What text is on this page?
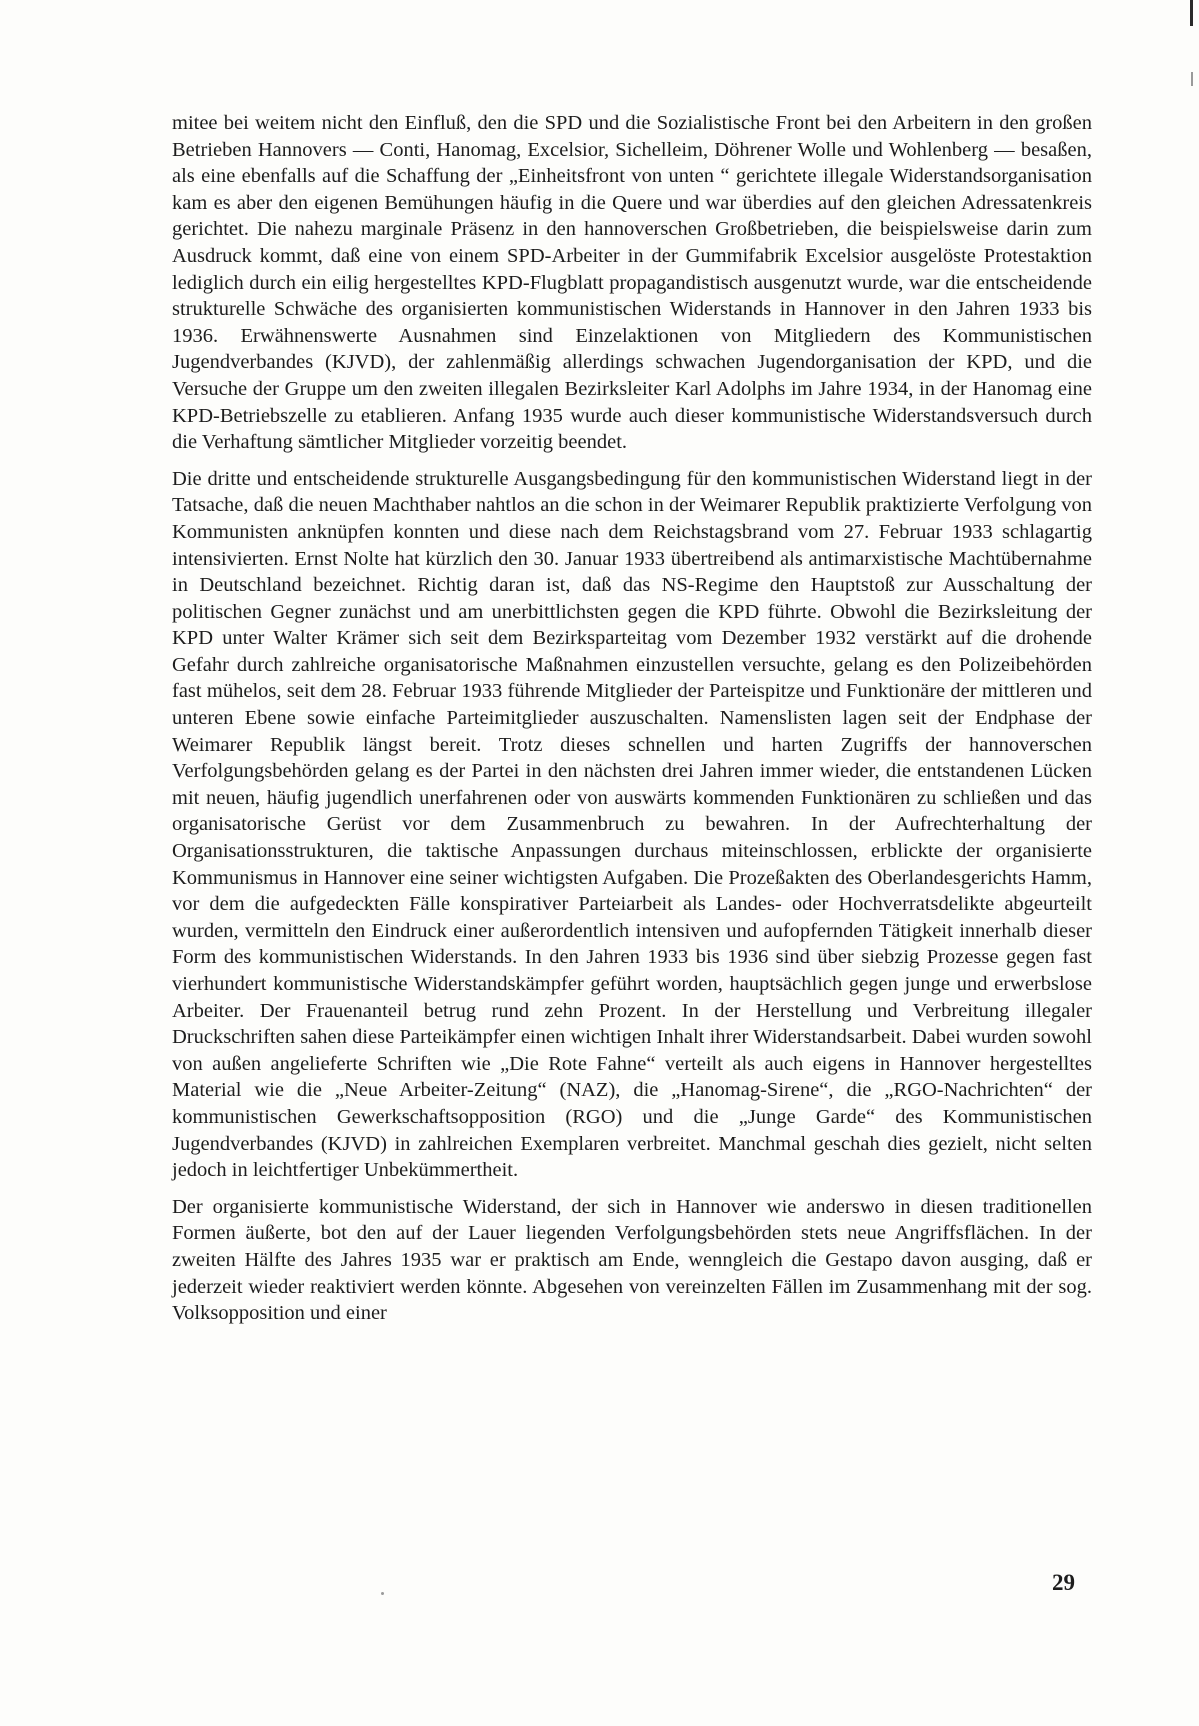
mitee bei weitem nicht den Einfluß, den die SPD und die Sozialistische Front bei den Arbeitern in den großen Betrieben Hannovers — Conti, Hanomag, Excelsior, Sichelleim, Döhrener Wolle und Wohlenberg — besaßen, als eine ebenfalls auf die Schaffung der „Einheitsfront von unten “ gerichtete illegale Widerstandsorganisation kam es aber den eigenen Bemühungen häufig in die Quere und war überdies auf den gleichen Adressatenkreis gerichtet. Die nahezu marginale Präsenz in den hannoverschen Großbetrieben, die beispielsweise darin zum Ausdruck kommt, daß eine von einem SPD-Arbeiter in der Gummifabrik Excelsior ausgelöste Protestaktion lediglich durch ein eilig hergestelltes KPD-Flugblatt propagandistisch ausgenutzt wurde, war die entscheidende strukturelle Schwäche des organisierten kommunistischen Widerstands in Hannover in den Jahren 1933 bis 1936. Erwähnenswerte Ausnahmen sind Einzelaktionen von Mitgliedern des Kommunistischen Jugendverbandes (KJVD), der zahlenmäßig allerdings schwachen Jugendorganisation der KPD, und die Versuche der Gruppe um den zweiten illegalen Bezirksleiter Karl Adolphs im Jahre 1934, in der Hanomag eine KPD-Betriebszelle zu etablieren. Anfang 1935 wurde auch dieser kommunistische Widerstandsversuch durch die Verhaftung sämtlicher Mitglieder vorzeitig beendet.

Die dritte und entscheidende strukturelle Ausgangsbedingung für den kommunistischen Widerstand liegt in der Tatsache, daß die neuen Machthaber nahtlos an die schon in der Weimarer Republik praktizierte Verfolgung von Kommunisten anknüpfen konnten und diese nach dem Reichstagsbrand vom 27. Februar 1933 schlagartig intensivierten. Ernst Nolte hat kürzlich den 30. Januar 1933 übertreibend als antimarxistische Machtübernahme in Deutschland bezeichnet. Richtig daran ist, daß das NS-Regime den Hauptstoß zur Ausschaltung der politischen Gegner zunächst und am unerbittlichsten gegen die KPD führte. Obwohl die Bezirksleitung der KPD unter Walter Krämer sich seit dem Bezirksparteitag vom Dezember 1932 verstärkt auf die drohende Gefahr durch zahlreiche organisatorische Maßnahmen einzustellen versuchte, gelang es den Polizeibehörden fast mühelos, seit dem 28. Februar 1933 führende Mitglieder der Parteispitze und Funktionäre der mittleren und unteren Ebene sowie einfache Parteimitglieder auszuschalten. Namenslisten lagen seit der Endphase der Weimarer Republik längst bereit. Trotz dieses schnellen und harten Zugriffs der hannoverschen Verfolgungsbehörden gelang es der Partei in den nächsten drei Jahren immer wieder, die entstandenen Lücken mit neuen, häufig jugendlich unerfahrenen oder von auswärts kommenden Funktionären zu schließen und das organisatorische Gerüst vor dem Zusammenbruch zu bewahren. In der Aufrechterhaltung der Organisationsstrukturen, die taktische Anpassungen durchaus miteinschlossen, erblickte der organisierte Kommunismus in Hannover eine seiner wichtigsten Aufgaben. Die Prozeßakten des Oberlandesgerichts Hamm, vor dem die aufgedeckten Fälle konspirativer Parteiarbeit als Landes- oder Hochverratsdelikte abgeurteilt wurden, vermitteln den Eindruck einer außerordentlich intensiven und aufopfernden Tätigkeit innerhalb dieser Form des kommunistischen Widerstands. In den Jahren 1933 bis 1936 sind über siebzig Prozesse gegen fast vierhundert kommunistische Widerstandskämpfer geführt worden, hauptsächlich gegen junge und erwerbslose Arbeiter. Der Frauenanteil betrug rund zehn Prozent. In der Herstellung und Verbreitung illegaler Druckschriften sahen diese Parteikämpfer einen wichtigen Inhalt ihrer Widerstandsarbeit. Dabei wurden sowohl von außen angelieferte Schriften wie „Die Rote Fahne“ verteilt als auch eigens in Hannover hergestelltes Material wie die „Neue Arbeiter-Zeitung“ (NAZ), die „Hanomag-Sirene“, die „RGO-Nachrichten“ der kommunistischen Gewerkschaftsopposition (RGO) und die „Junge Garde“ des Kommunistischen Jugendverbandes (KJVD) in zahlreichen Exemplaren verbreitet. Manchmal geschah dies gezielt, nicht selten jedoch in leichtfertiger Unbekümmertheit.

Der organisierte kommunistische Widerstand, der sich in Hannover wie anderswo in diesen traditionellen Formen äußerte, bot den auf der Lauer liegenden Verfolgungsbehörden stets neue Angriffsflächen. In der zweiten Hälfte des Jahres 1935 war er praktisch am Ende, wenngleich die Gestapo davon ausging, daß er jederzeit wieder reaktiviert werden könnte. Abgesehen von vereinzelten Fällen im Zusammenhang mit der sog. Volksopposition und einer

29
